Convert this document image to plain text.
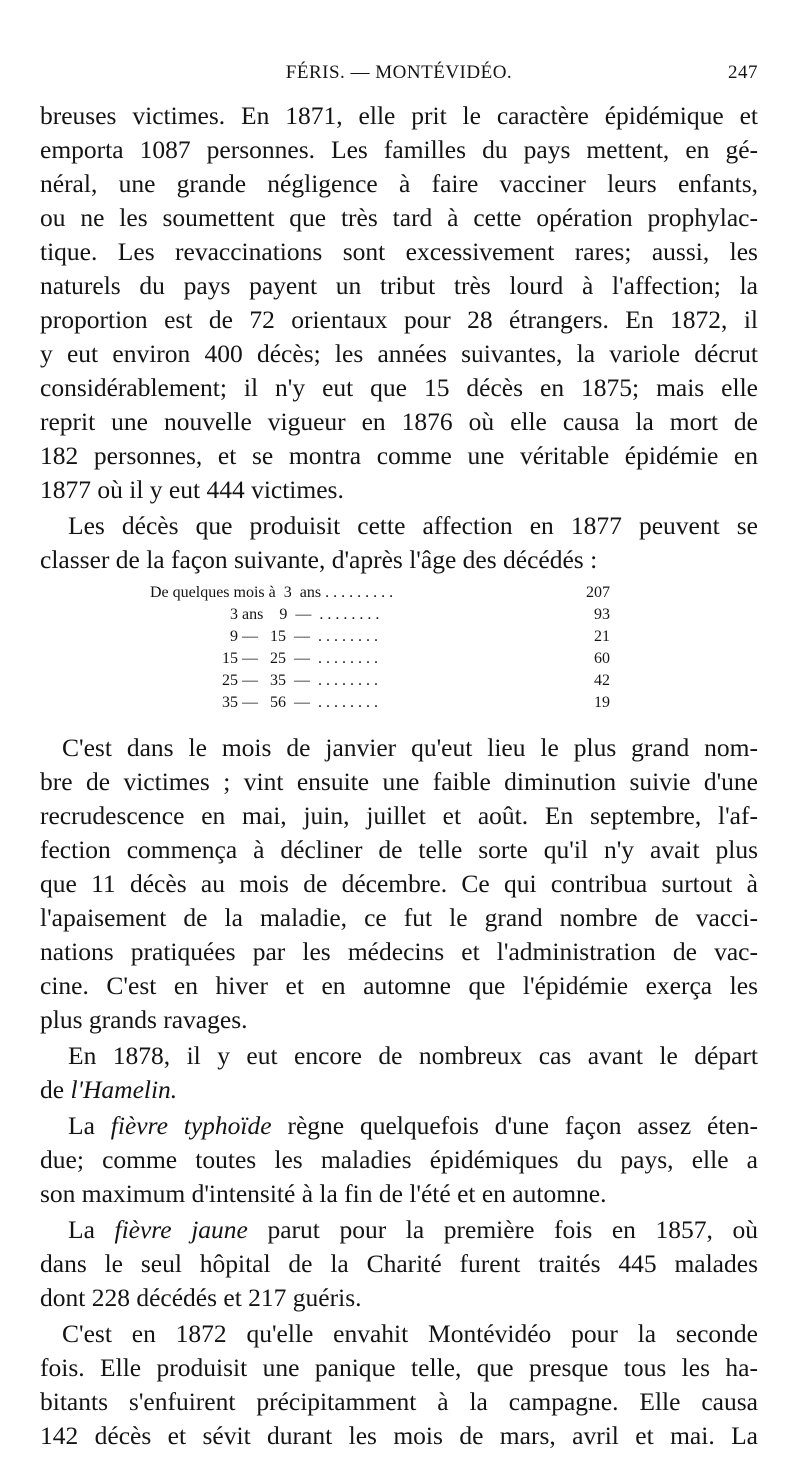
FÉRIS. — MONTÉVIDÉO.	247
breuses victimes. En 1871, elle prit le caractère épidémique et
emporta 1087 personnes. Les familles du pays mettent, en gé-
néral, une grande négligence à faire vacciner leurs enfants,
ou ne les soumettent que très tard à cette opération prophylac-
tique. Les revaccinations sont excessivement rares; aussi, les
naturels du pays payent un tribut très lourd à l'affection; la
proportion est de 72 orientaux pour 28 étrangers. En 1872, il
y eut environ 400 décès; les années suivantes, la variole décrut
considérablement; il n'y eut que 15 décès en 1875; mais elle
reprit une nouvelle vigueur en 1876 où elle causa la mort de
182 personnes, et se montra comme une véritable épidémie en
1877 où il y eut 444 victimes.
Les décès que produisit cette affection en 1877 peuvent se
classer de la façon suivante, d'après l'âge des décédés :
De quelques mois à  3  ans . . . . . . . . .	207
3 ans    9  —  . . . . . . . .	93
9 —   15  —  . . . . . . . .	21
15 —   25  —  . . . . . . . .	60
25 —   35  —  . . . . . . . .	42
35 —   56  —  . . . . . . . .	19
C'est dans le mois de janvier qu'eut lieu le plus grand nom-
bre de victimes ; vint ensuite une faible diminution suivie d'une
recrudescence en mai, juin, juillet et août. En septembre, l'af-
fection commença à décliner de telle sorte qu'il n'y avait plus
que 11 décès au mois de décembre. Ce qui contribua surtout à
l'apaisement de la maladie, ce fut le grand nombre de vacci-
nations pratiquées par les médecins et l'administration de vac-
cine. C'est en hiver et en automne que l'épidémie exerça les
plus grands ravages.
En 1878, il y eut encore de nombreux cas avant le départ
de l'Hamelin.
La fièvre typhoïde règne quelquefois d'une façon assez éten-
due; comme toutes les maladies épidémiques du pays, elle a
son maximum d'intensité à la fin de l'été et en automne.
La fièvre jaune parut pour la première fois en 1857, où
dans le seul hôpital de la Charité furent traités 445 malades
dont 228 décédés et 217 guéris.
C'est en 1872 qu'elle envahit Montévidéo pour la seconde
fois. Elle produisit une panique telle, que presque tous les ha-
bitants s'enfuirent précipitamment à la campagne. Elle causa
142 décès et sévit durant les mois de mars, avril et mai. La
